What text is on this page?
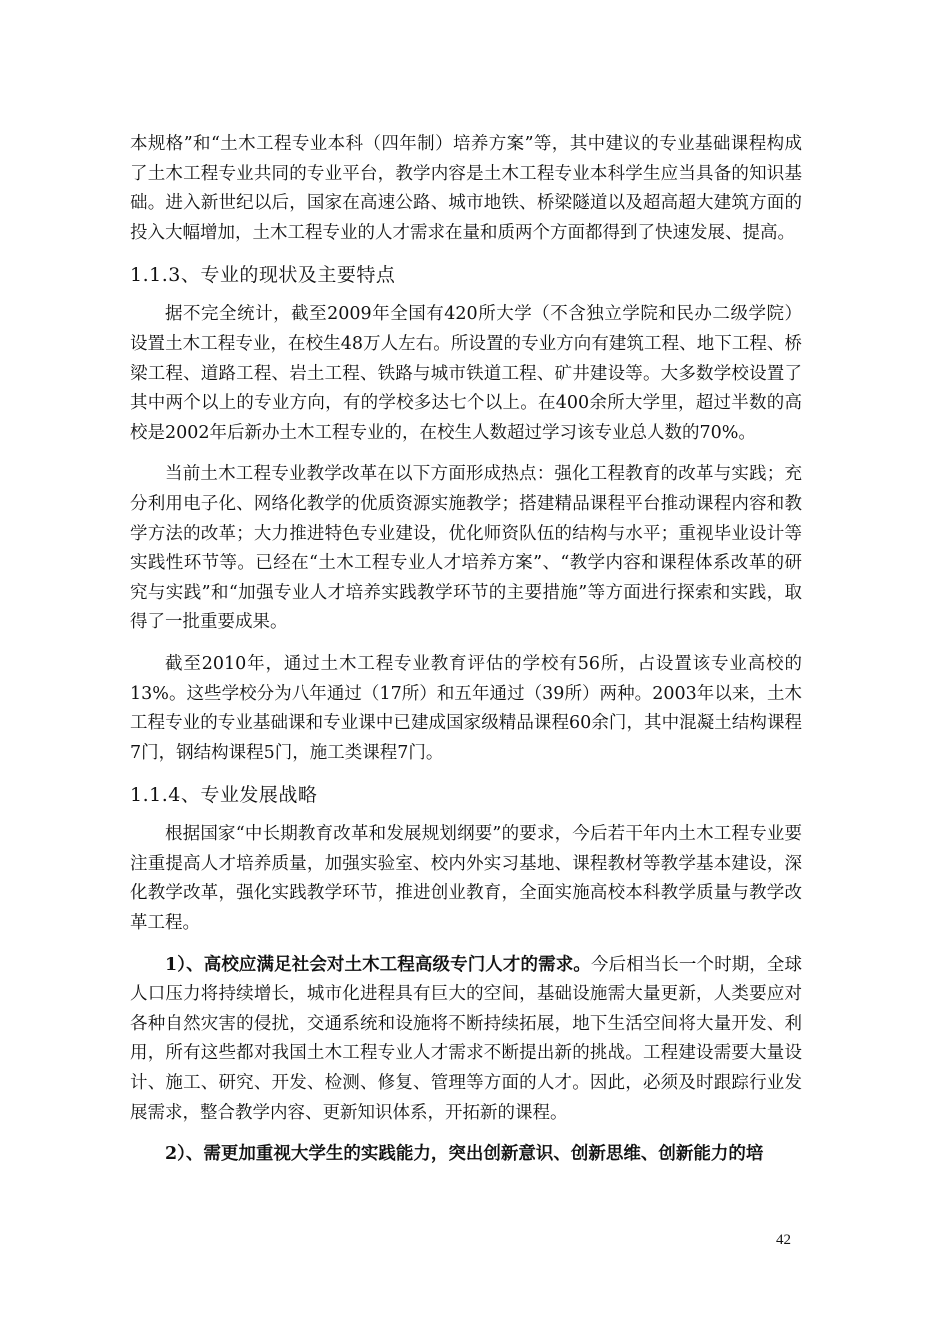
本规格”和“土木工程专业本科（四年制）培养方案”等，其中建议的专业基础课程构成了土木工程专业共同的专业平台，教学内容是土木工程专业本科学生应当具备的知识基础。进入新世纪以后，国家在高速公路、城市地铁、桥梁隧道以及超高超大建筑方面的投入大幅增加，土木工程专业的人才需求在量和质两个方面都得到了快速发展、提高。

1.1.3、专业的现状及主要特点

据不完全统计，截至2009年全国有420所大学（不含独立学院和民办二级学院）设置土木工程专业，在校生48万人左右。所设置的专业方向有建筑工程、地下工程、桥梁工程、道路工程、岩土工程、铁路与城市铁道工程、矿井建设等。大多数学校设置了其中两个以上的专业方向，有的学校多达七个以上。在400余所大学里，超过半数的高校是2002年后新办土木工程专业的，在校生人数超过学习该专业总人数的70%。

当前土木工程专业教学改革在以下方面形成热点：强化工程教育的改革与实践；充分利用电子化、网络化教学的优质资源实施教学；搭建精品课程平台推动课程内容和教学方法的改革；大力推进特色专业建设，优化师资队伍的结构与水平；重视毕业设计等实践性环节等。已经在“土木工程专业人才培养方案”、“教学内容和课程体系改革的研究与实践”和“加强专业人才培养实践教学环节的主要措施”等方面进行探索和实践，取得了一批重要成果。

截至2010年，通过土木工程专业教育评估的学校有56所，占设置该专业高校的13%。这些学校分为八年通过（17所）和五年通过（39所）两种。2003年以来，土木工程专业的专业基础课和专业课中已建成国家级精品课程60余门，其中混凝土结构课程7门，钢结构课程5门，施工类课程7门。

1.1.4、专业发展战略

根据国家“中长期教育改革和发展规划纲要”的要求，今后若干年内土木工程专业要注重提高人才培养质量，加强实验室、校内外实习基地、课程教材等教学基本建设，深化教学改革，强化实践教学环节，推进创业教育，全面实施高校本科教学质量与教学改革工程。

1）、高校应满足社会对土木工程高级专门人才的需求。今后相当长一个时期，全球人口压力将持续增长，城市化进程具有巨大的空间，基础设施需大量更新，人类要应对各种自然灾害的侵扰，交通系统和设施将不断持续拓展，地下生活空间将大量开发、利用，所有这些都对我国土木工程专业人才需求不断提出新的挑战。工程建设需要大量设计、施工、研究、开发、检测、修复、管理等方面的人才。因此，必须及时跟踪行业发展需求，整合教学内容、更新知识体系，开拓新的课程。

2）、需更加重视大学生的实践能力，突出创新意识、创新思维、创新能力的培

42
